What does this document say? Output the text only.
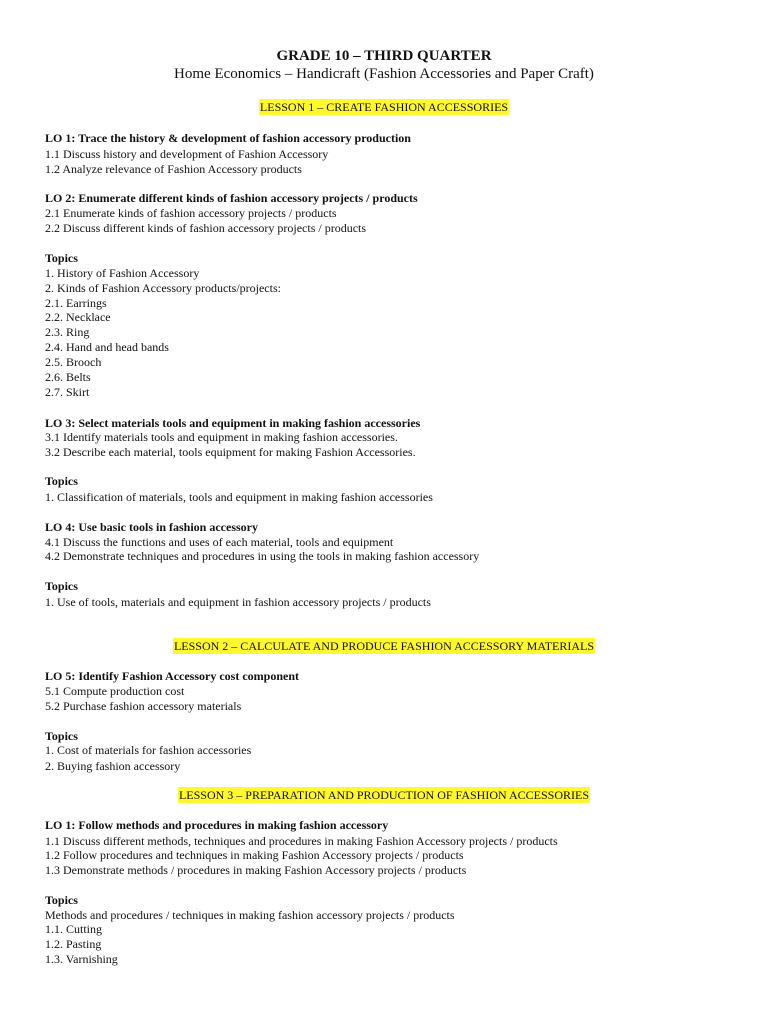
GRADE 10 – THIRD QUARTER

Home Economics – Handicraft (Fashion Accessories and Paper Craft)

LESSON 1 – CREATE FASHION ACCESSORIES

LO 1: Trace the history & development of fashion accessory production

1.1 Discuss history and development of Fashion Accessory

1.2 Analyze relevance of Fashion Accessory products

LO 2: Enumerate different kinds of fashion accessory projects / products

2.1 Enumerate kinds of fashion accessory projects / products

2.2 Discuss different kinds of fashion accessory projects / products

Topics

1. History of Fashion Accessory

2. Kinds of Fashion Accessory products/projects:

2.1. Earrings

2.2. Necklace

2.3. Ring

2.4. Hand and head bands

2.5. Brooch

2.6. Belts

2.7. Skirt

LO 3: Select materials tools and equipment in making fashion accessories

3.1 Identify materials tools and equipment in making fashion accessories.

3.2 Describe each material, tools equipment for making Fashion Accessories.

Topics

1. Classification of materials, tools and equipment in making fashion accessories

LO 4: Use basic tools in fashion accessory

4.1 Discuss the functions and uses of each material, tools and equipment

4.2 Demonstrate techniques and procedures in using the tools in making fashion accessory

Topics

1. Use of tools, materials and equipment in fashion accessory projects / products

LESSON 2 – CALCULATE AND PRODUCE FASHION ACCESSORY MATERIALS

LO 5: Identify Fashion Accessory cost component

5.1 Compute production cost

5.2 Purchase fashion accessory materials

Topics

1. Cost of materials for fashion accessories

2. Buying fashion accessory

LESSON 3 – PREPARATION AND PRODUCTION OF FASHION ACCESSORIES

LO 1: Follow methods and procedures in making fashion accessory

1.1 Discuss different methods, techniques and procedures in making Fashion Accessory projects / products

1.2 Follow procedures and techniques in making Fashion Accessory projects / products

1.3 Demonstrate methods / procedures in making Fashion Accessory projects / products

Topics

Methods and procedures / techniques in making fashion accessory projects / products

1.1. Cutting

1.2. Pasting

1.3. Varnishing
